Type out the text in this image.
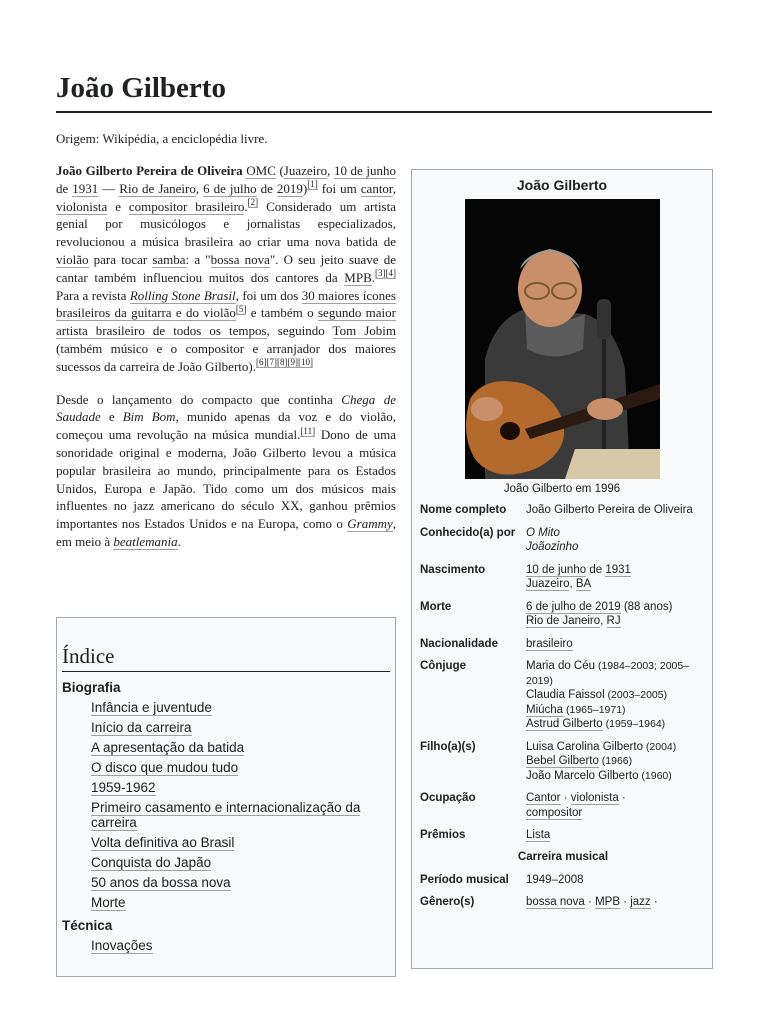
João Gilberto
Origem: Wikipédia, a enciclopédia livre.

João Gilberto Pereira de Oliveira OMC (Juazeiro, 10 de junho de 1931 — Rio de Janeiro, 6 de julho de 2019)[1] foi um cantor, violonista e compositor brasileiro.[2] Considerado um artista genial por musicólogos e jornalistas especializados, revolucionou a música brasileira ao criar uma nova batida de violão para tocar samba: a "bossa nova". O seu jeito suave de cantar também influenciou muitos dos cantores da MPB.[3][4] Para a revista Rolling Stone Brasil, foi um dos 30 maiores ícones brasileiros da guitarra e do violão[5] e também o segundo maior artista brasileiro de todos os tempos, seguindo Tom Jobim (também músico e o compositor e arranjador dos maiores sucessos da carreira de João Gilberto).[6][7][8][9][10]

Desde o lançamento do compacto que continha Chega de Saudade e Bim Bom, munido apenas da voz e do violão, começou uma revolução na música mundial.[11] Dono de uma sonoridade original e moderna, João Gilberto levou a música popular brasileira ao mundo, principalmente para os Estados Unidos, Europa e Japão. Tido como um dos músicos mais influentes no jazz americano do século XX, ganhou prêmios importantes nos Estados Unidos e na Europa, como o Grammy, em meio à beatlemania.

João Gilberto
João Gilberto em 1996
Nome completo	João Gilberto Pereira de Oliveira
Conhecido(a) por O Mito
Joãozinho
Nascimento	10 de junho de 1931
Juazeiro, BA
Morte	6 de julho de 2019 (88 anos)
Rio de Janeiro, RJ
Nacionalidade	brasileiro
Cônjuge	Maria do Céu (1984–2003; 2005–2019)
Claudia Faissol (2003–2005)
Miúcha (1965–1971)
Astrud Gilberto (1959–1964)
Filho(a)(s)	Luisa Carolina Gilberto (2004)
Bebel Gilberto (1966)
João Marcelo Gilberto (1960)
Ocupação	Cantor · violonista ·
compositor
Prêmios	Lista
Carreira musical
Período musical	1949–2008
Gênero(s)	bossa nova · MPB · jazz ·
Índice
Biografia
Infância e juventude
Início da carreira
A apresentação da batida
O disco que mudou tudo
1959-1962
Primeiro casamento e internacionalização da carreira
Volta definitiva ao Brasil
Conquista do Japão
50 anos da bossa nova
Morte
Técnica
Inovações
